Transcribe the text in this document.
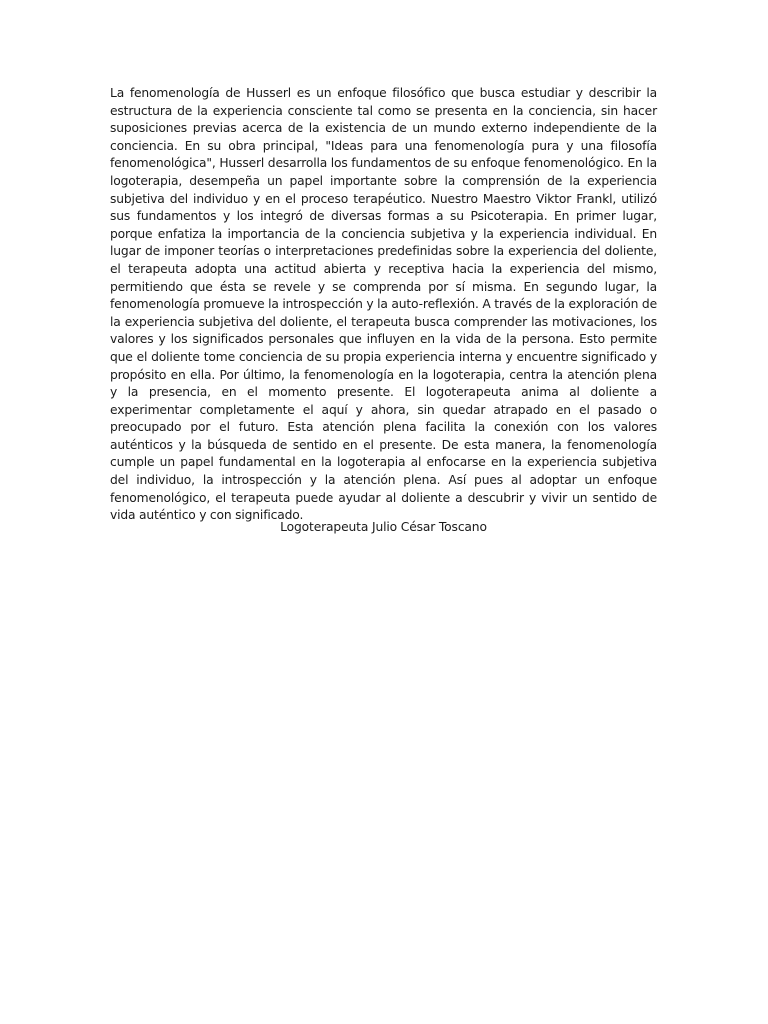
La fenomenología de Husserl es un enfoque filosófico que busca estudiar y describir la estructura de la experiencia consciente tal como se presenta en la conciencia, sin hacer suposiciones previas acerca de la existencia de un mundo externo independiente de la conciencia. En su obra principal, "Ideas para una fenomenología pura y una filosofía fenomenológica", Husserl desarrolla los fundamentos de su enfoque fenomenológico. En la logoterapia, desempeña un papel importante sobre la comprensión de la experiencia subjetiva del individuo y en el proceso terapéutico. Nuestro Maestro Viktor Frankl, utilizó sus fundamentos y los integró de diversas formas a su Psicoterapia. En primer lugar, porque enfatiza la importancia de la conciencia subjetiva y la experiencia individual. En lugar de imponer teorías o interpretaciones predefinidas sobre la experiencia del doliente, el terapeuta adopta una actitud abierta y receptiva hacia la experiencia del mismo, permitiendo que ésta se revele y se comprenda por sí misma. En segundo lugar, la fenomenología promueve la introspección y la auto-reflexión. A través de la exploración de la experiencia subjetiva del doliente, el terapeuta busca comprender las motivaciones, los valores y los significados personales que influyen en la vida de la persona. Esto permite que el doliente tome conciencia de su propia experiencia interna y encuentre significado y propósito en ella. Por último, la fenomenología en la logoterapia, centra la atención plena y la presencia, en el momento presente. El logoterapeuta anima al doliente a experimentar completamente el aquí y ahora, sin quedar atrapado en el pasado o preocupado por el futuro. Esta atención plena facilita la conexión con los valores auténticos y la búsqueda de sentido en el presente. De esta manera, la fenomenología cumple un papel fundamental en la logoterapia al enfocarse en la experiencia subjetiva del individuo, la introspección y la atención plena. Así pues al adoptar un enfoque fenomenológico, el terapeuta puede ayudar al doliente a descubrir y vivir un sentido de vida auténtico y con significado.

Logoterapeuta Julio César Toscano
